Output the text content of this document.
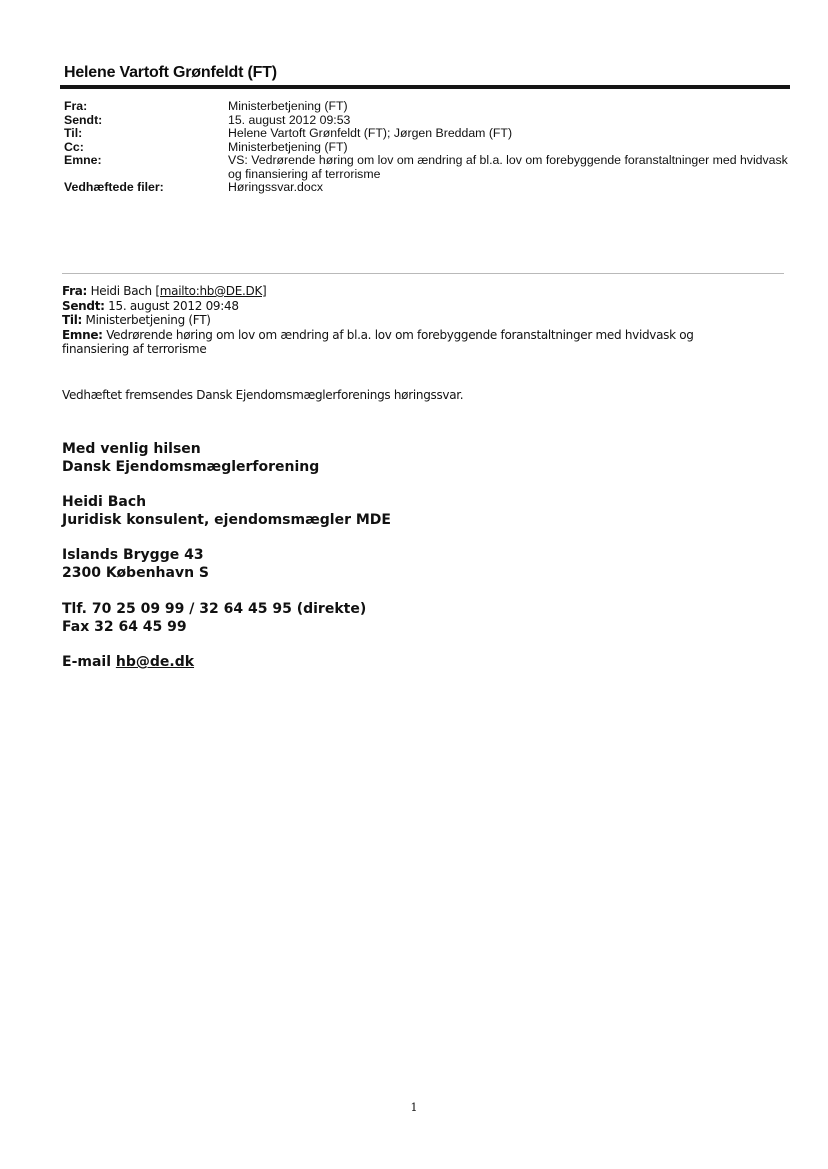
Helene Vartoft Grønfeldt (FT)
Fra:	Ministerbetjening (FT)
Sendt:	15. august 2012 09:53
Til:	Helene Vartoft Grønfeldt (FT); Jørgen Breddam (FT)
Cc:	Ministerbetjening (FT)
Emne:	VS: Vedrørende høring om lov om ændring af bl.a. lov om forebyggende foranstaltninger med hvidvask og finansiering af terrorisme
Vedhæftede filer:	Høringssvar.docx
Fra: Heidi Bach [mailto:hb@DE.DK]
Sendt: 15. august 2012 09:48
Til: Ministerbetjening (FT)
Emne: Vedrørende høring om lov om ændring af bl.a. lov om forebyggende foranstaltninger med hvidvask og finansiering af terrorisme
Vedhæftet fremsendes Dansk Ejendomsmæglerforenings høringssvar.
Med venlig hilsen
Dansk Ejendomsmæglerforening
Heidi Bach
Juridisk konsulent, ejendomsmægler MDE
Islands Brygge 43
2300 København S
Tlf. 70 25 09 99 / 32 64 45 95 (direkte)
Fax 32 64 45 99
E-mail hb@de.dk
1
